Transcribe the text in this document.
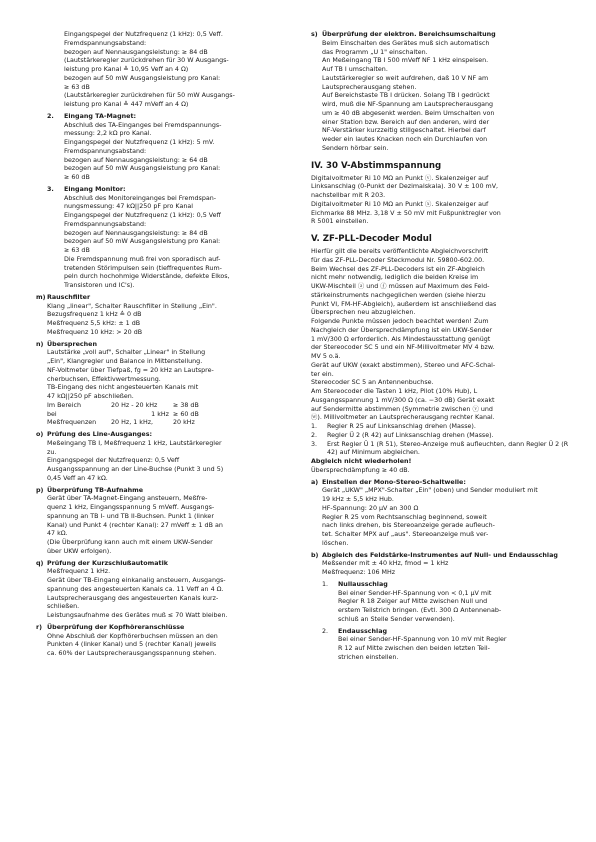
Eingangspegel der Nutzfrequenz (1 kHz): 0,5 Veff.

Fremdspannungsabstand:

bezogen auf Nennausgangsleistung: ≥ 84 dB

(Lautstärkeregler zurückdrehen für 30 W Ausgangs-

leistung pro Kanal ≙ 10,95 Veff an 4 Ω)

bezogen auf 50 mW Ausgangsleistung pro Kanal:

≥ 63 dB

(Lautstärkeregler zurückdrehen für 50 mW Ausgangs-

leistung pro Kanal ≙ 447 mVeff an 4 Ω)

2.	Eingang TA-Magnet:

Abschluß des TA-Einganges bei Fremdspannungs-

messung: 2,2 kΩ pro Kanal.

Eingangspegel der Nutzfrequenz (1 kHz): 5 mV.

Fremdspannungsabstand:

bezogen auf Nennausgangsleistung: ≥ 64 dB

bezogen auf 50 mW Ausgangsleistung pro Kanal:

≥ 60 dB

3.	Eingang Monitor:

Abschluß des Monitoreinganges bei Fremdspan-

nungsmessung: 47 kΩ||250 pF pro Kanal

Eingangspegel der Nutzfrequenz (1 kHz): 0,5 Veff

Fremdspannungsabstand:

bezogen auf Nennausgangsleistung: ≥ 84 dB

bezogen auf 50 mW Ausgangsleistung pro Kanal:

≥ 63 dB

Die Fremdspannung muß frei von sporadisch auf-

tretenden Störimpulsen sein (tieffrequentes Rum-

peln durch hochohmige Widerstände, defekte Elkos,

Transistoren und IC's).

m) Rauschfilter

Klang „linear", Schalter Rauschfilter in Stellung „Ein".

Bezugsfrequenz 1 kHz ≙ 0 dB

Meßfrequenz 5,5 kHz: ± 1 dB

Meßfrequenz 10 kHz: > 20 dB

n) Übersprechen

Lautstärke „voll auf", Schalter „Linear" in Stellung

„Ein", Klangregler und Balance in Mittenstellung.

NF-Voltmeter über Tiefpaß, fg = 20 kHz an Lautspre-

cherbuchsen, Effektivwertmessung.

TB-Eingang des nicht angesteuerten Kanals mit

47 kΩ||250 pF abschließen.

Im Bereich	20 Hz - 20 kHz	≥ 38 dB
bei	1 kHz ≥ 60 dB
Meßfrequenzen	20 Hz, 1 kHz,	20 kHz
o) Prüfung des Line-Ausganges:

Meßeingang TB I, Meßfrequenz 1 kHz, Lautstärkeregler

zu.

Eingangspegel der Nutzfrequenz: 0,5 Veff

Ausgangsspannung an der Line-Buchse (Punkt 3 und 5)

0,45 Veff an 47 kΩ.

p) Überprüfung TB-Aufnahme

Gerät über TA-Magnet-Eingang ansteuern, Meßfre-

quenz 1 kHz, Eingangsspannung 5 mVeff. Ausgangs-

spannung an TB I- und TB II-Buchsen. Punkt 1 (linker

Kanal) und Punkt 4 (rechter Kanal): 27 mVeff ± 1 dB an

47 kΩ.

(Die Überprüfung kann auch mit einem UKW-Sender

über UKW erfolgen).

q) Prüfung der Kurzschlußautomatik

Meßfrequenz 1 kHz.

Gerät über TB-Eingang einkanalig ansteuern, Ausgangs-

spannung des angesteuerten Kanals ca. 11 Veff an 4 Ω.

Lautsprecherausgang des angesteuerten Kanals kurz-

schließen.

Leistungsaufnahme des Gerätes muß ≤ 70 Watt bleiben.

r) Überprüfung der Kopfhöreranschlüsse

Ohne Abschluß der Kopfhörerbuchsen müssen an den

Punkten 4 (linker Kanal) und 5 (rechter Kanal) jeweils

ca. 60% der Lautsprecherausgangsspannung stehen.

s) Überprüfung der elektron. Bereichsumschaltung

Beim Einschalten des Gerätes muß sich automatisch

das Programm „U 1" einschalten.

An Meßeingang TB I 500 mVeff NF 1 kHz einspeisen.

Auf TB I umschalten.

Lautstärkeregler so weit aufdrehen, daß 10 V NF am

Lautsprecherausgang stehen.

Auf Bereichstaste TB I drücken. Solang TB I gedrückt

wird, muß die NF-Spannung am Lautsprecherausgang

um ≥ 40 dB abgesenkt werden. Beim Umschalten von

einer Station bzw. Bereich auf den anderen, wird der

NF-Verstärker kurzzeitig stillgeschaltet. Hierbei darf

weder ein lautes Knacken noch ein Durchlaufen von

Sendern hörbar sein.

IV. 30 V-Abstimmspannung

Digitalvoltmeter Ri 10 MΩ an Punkt ⓥ. Skalenzeiger auf

Linksanschlag (0-Punkt der Dezimalskala). 30 V ± 100 mV,

nachstellbar mit R 203.

Digitalvoltmeter Ri 10 MΩ an Punkt ⓧ. Skalenzeiger auf

Eichmarke 88 MHz. 3,18 V ± 50 mV mit Fußpunktregler von

R 5001 einstellen.

V. ZF-PLL-Decoder Modul

Hierfür gilt die bereits veröffentlichte Abgleichvorschrift

für das ZF-PLL-Decoder Steckmodul Nr. 59800-602.00.

Beim Wechsel des ZF-PLL-Decoders ist ein ZF-Abgleich

nicht mehr notwendig, lediglich die beiden Kreise im

UKW-Mischteil ⓐ und ⓕ müssen auf Maximum des Feld-

stärkeinstruments nachgeglichen werden (siehe hierzu

Punkt VI, FM-HF-Abgleich), außerdem ist anschließend das

Übersprechen neu abzugleichen.

Folgende Punkte müssen jedoch beachtet werden! Zum

Nachgleich der Übersprechdämpfung ist ein UKW-Sender

1 mV/300 Ω erforderlich. Als Mindestausstattung genügt

der Stereocoder SC 5 und ein NF-Millivoltmeter MV 4 bzw.

MV 5 o.ä.

Gerät auf UKW (exakt abstimmen), Stereo und AFC-Schal-

ter ein.

Stereocoder SC 5 an Antennenbuchse.

Am Stereocoder die Tasten 1 kHz, Pilot (10% Hub), L

Ausgangsspannung 1 mV/300 Ω (ca. −30 dB) Gerät exakt

auf Sendermitte abstimmen (Symmetrie zwischen ⓥ und

ⓦ). Millivoltmeter an Lautsprecherausgang rechter Kanal.

1.	Regler R 25 auf Linksanschlag drehen (Masse).
2.	Regler Ü 2 (R 42) auf Linksanschlag drehen (Masse).
3.	Erst Regler Ü 1 (R 51), Stereo-Anzeige muß aufleuchten, dann Regler Ü 2 (R 42) auf Minimum abgleichen.

Abgleich nicht wiederholen!

Übersprechdämpfung ≥ 40 dB.

a) Einstellen der Mono-Stereo-Schaltwelle:

Gerät „UKW" „MPX"-Schalter „Ein" (oben) und Sender moduliert mit

19 kHz ± 5,5 kHz Hub.

HF-Spannung: 20 μV an 300 Ω

Regler R 25 vom Rechtsanschlag beginnend, soweit

nach links drehen, bis Stereoanzeige gerade aufleuch-

tet. Schalter MPX auf „aus". Stereoanzeige muß ver-

löschen.

b) Abgleich des Feldstärke-Instrumentes auf Null- und Endausschlag

Meßsender mit ± 40 kHz, fmod = 1 kHz

Meßfrequenz: 106 MHz

1.	Nullausschlag

Bei einer Sender-HF-Spannung von < 0,1 μV mit

Regler R 18 Zeiger auf Mitte zwischen Null und

erstem Teilstrich bringen. (Evtl. 300 Ω Antennenab-

schluß an Stelle Sender verwenden).

2.	Endausschlag

Bei einer Sender-HF-Spannung von 10 mV mit Regler

R 12 auf Mitte zwischen den beiden letzten Teil-

strichen einstellen.
